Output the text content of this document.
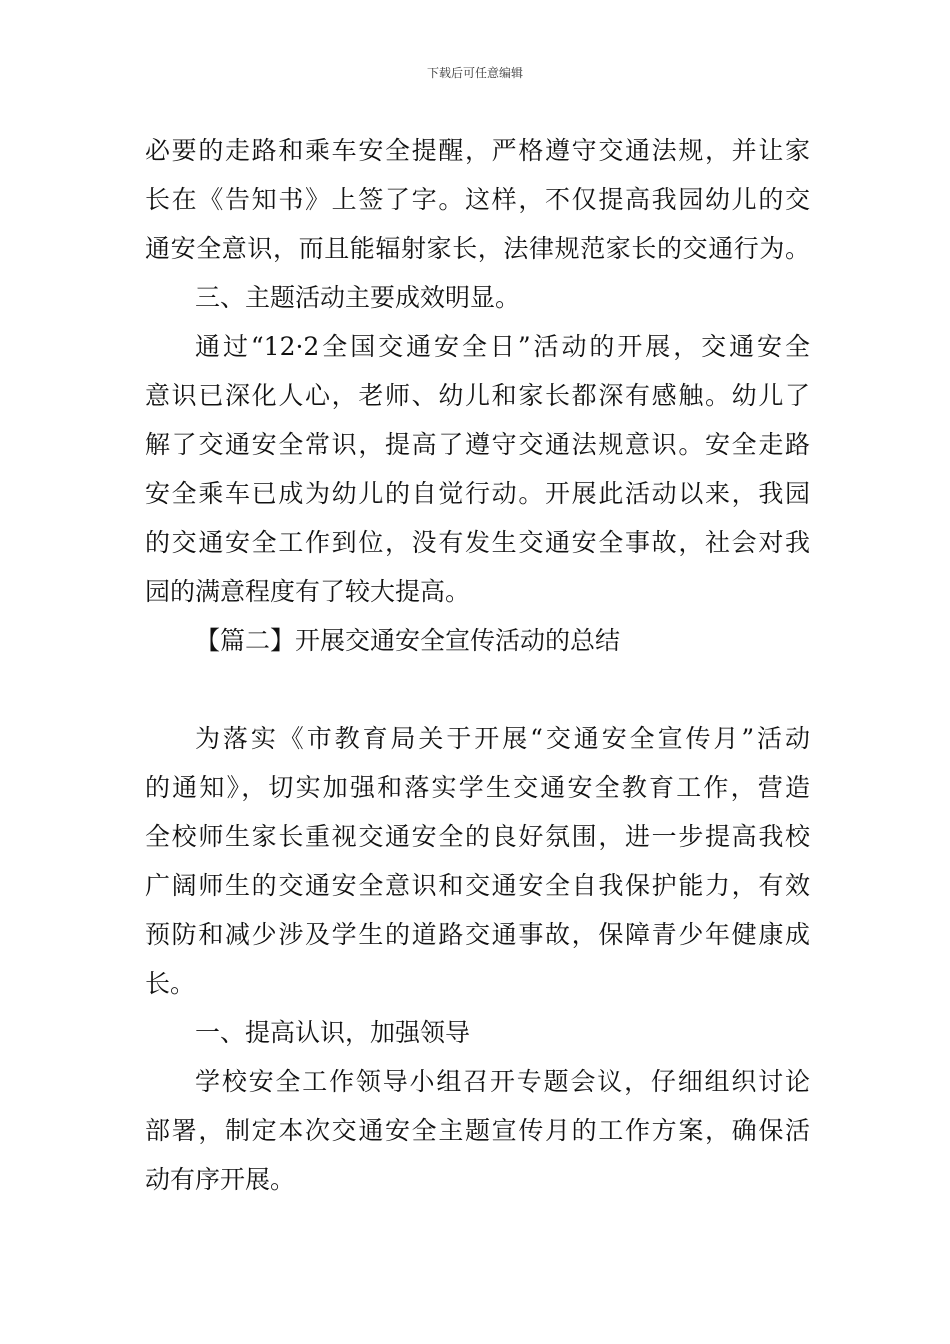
下载后可任意编辑
必要的走路和乘车安全提醒，严格遵守交通法规，并让家
长在《告知书》上签了字。这样，不仅提高我园幼儿的交
通安全意识，而且能辐射家长，法律规范家长的交通行为。
三、主题活动主要成效明显。
通过“12·2全国交通安全日”活动的开展，交通安全
意识已深化人心，老师、幼儿和家长都深有感触。幼儿了
解了交通安全常识，提高了遵守交通法规意识。安全走路
安全乘车已成为幼儿的自觉行动。开展此活动以来，我园
的交通安全工作到位，没有发生交通安全事故，社会对我
园的满意程度有了较大提高。
【篇二】开展交通安全宣传活动的总结
为落实《市教育局关于开展“交通安全宣传月”活动
的通知》，切实加强和落实学生交通安全教育工作，营造
全校师生家长重视交通安全的良好氛围，进一步提高我校
广阔师生的交通安全意识和交通安全自我保护能力，有效
预防和减少涉及学生的道路交通事故，保障青少年健康成
长。
一、提高认识，加强领导
学校安全工作领导小组召开专题会议，仔细组织讨论
部署，制定本次交通安全主题宣传月的工作方案，确保活
动有序开展。
